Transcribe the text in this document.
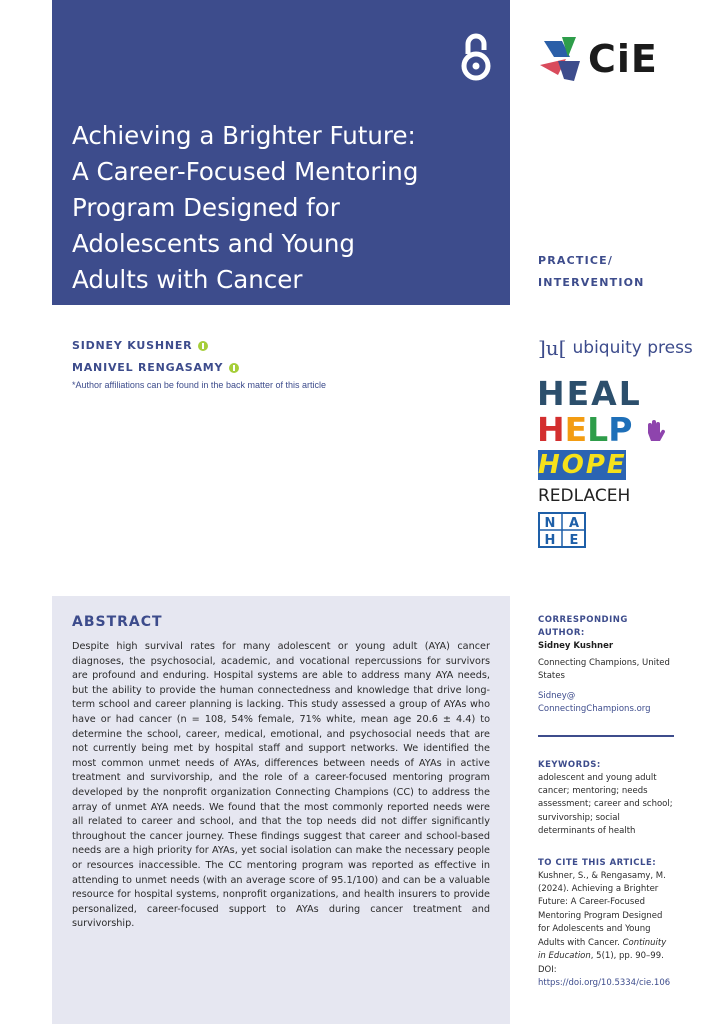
Achieving a Brighter Future:
A Career-Focused Mentoring
Program Designed for
Adolescents and Young
Adults with Cancer
CiE
PRACTICE/
INTERVENTION
SIDNEY KUSHNER
MANIVEL RENGASAMY
*Author affiliations can be found in the back matter of this article
]u[ ubiquity press
HEAL
HELP
HOPE
REDLACEH
N A
H E
ABSTRACT

Despite high survival rates for many adolescent or young adult (AYA) cancer diagnoses, the psychosocial, academic, and vocational repercussions for survivors are profound and enduring. Hospital systems are able to address many AYA needs, but the ability to provide the human connectedness and knowledge that drive long-term school and career planning is lacking. This study assessed a group of AYAs who have or had cancer (n = 108, 54% female, 71% white, mean age 20.6 ± 4.4) to determine the school, career, medical, emotional, and psychosocial needs that are not currently being met by hospital staff and support networks. We identified the most common unmet needs of AYAs, differences between needs of AYAs in active treatment and survivorship, and the role of a career-focused mentoring program developed by the nonprofit organization Connecting Champions (CC) to address the array of unmet AYA needs. We found that the most commonly reported needs were all related to career and school, and that the top needs did not differ significantly throughout the cancer journey. These findings suggest that career and school-based needs are a high priority for AYAs, yet social isolation can make the necessary people or resources inaccessible. The CC mentoring program was reported as effective in attending to unmet needs (with an average score of 95.1/100) and can be a valuable resource for hospital systems, nonprofit organizations, and health insurers to provide personalized, career-focused support to AYAs during cancer treatment and survivorship.

CORRESPONDING AUTHOR:
Sidney Kushner
Connecting Champions, United States
Sidney@
ConnectingChampions.org
KEYWORDS:
adolescent and young adult cancer; mentoring; needs assessment; career and school; survivorship; social determinants of health
TO CITE THIS ARTICLE:
Kushner, S., & Rengasamy, M. (2024). Achieving a Brighter Future: A Career-Focused Mentoring Program Designed for Adolescents and Young Adults with Cancer. Continuity in Education, 5(1), pp. 90–99. DOI: https://doi.org/10.5334/cie.106
